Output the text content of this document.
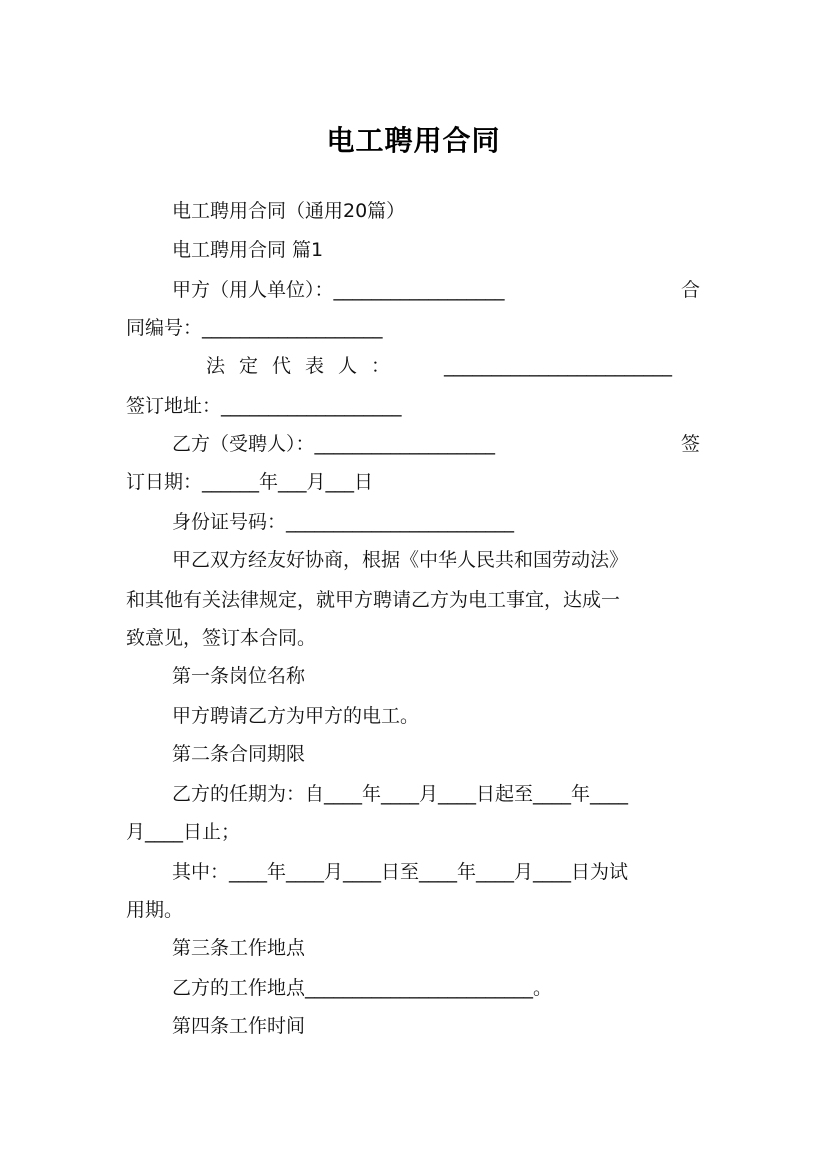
电工聘用合同

电工聘用合同（通用20篇）

电工聘用合同 篇1

甲方（用人单位）：__________________	合

同编号：___________________

法定代表人： ________________________

签订地址：___________________

乙方（受聘人）：___________________	签

订日期：______年___月___日

身份证号码：________________________

甲乙双方经友好协商，根据《中华人民共和国劳动法》

和其他有关法律规定，就甲方聘请乙方为电工事宜，达成一

致意见，签订本合同。

第一条岗位名称

甲方聘请乙方为甲方的电工。

第二条合同期限

乙方的任期为：自____年____月____日起至____年____

月____日止；

其中：____年____月____日至____年____月____日为试

用期。

第三条工作地点

乙方的工作地点________________________。

第四条工作时间
